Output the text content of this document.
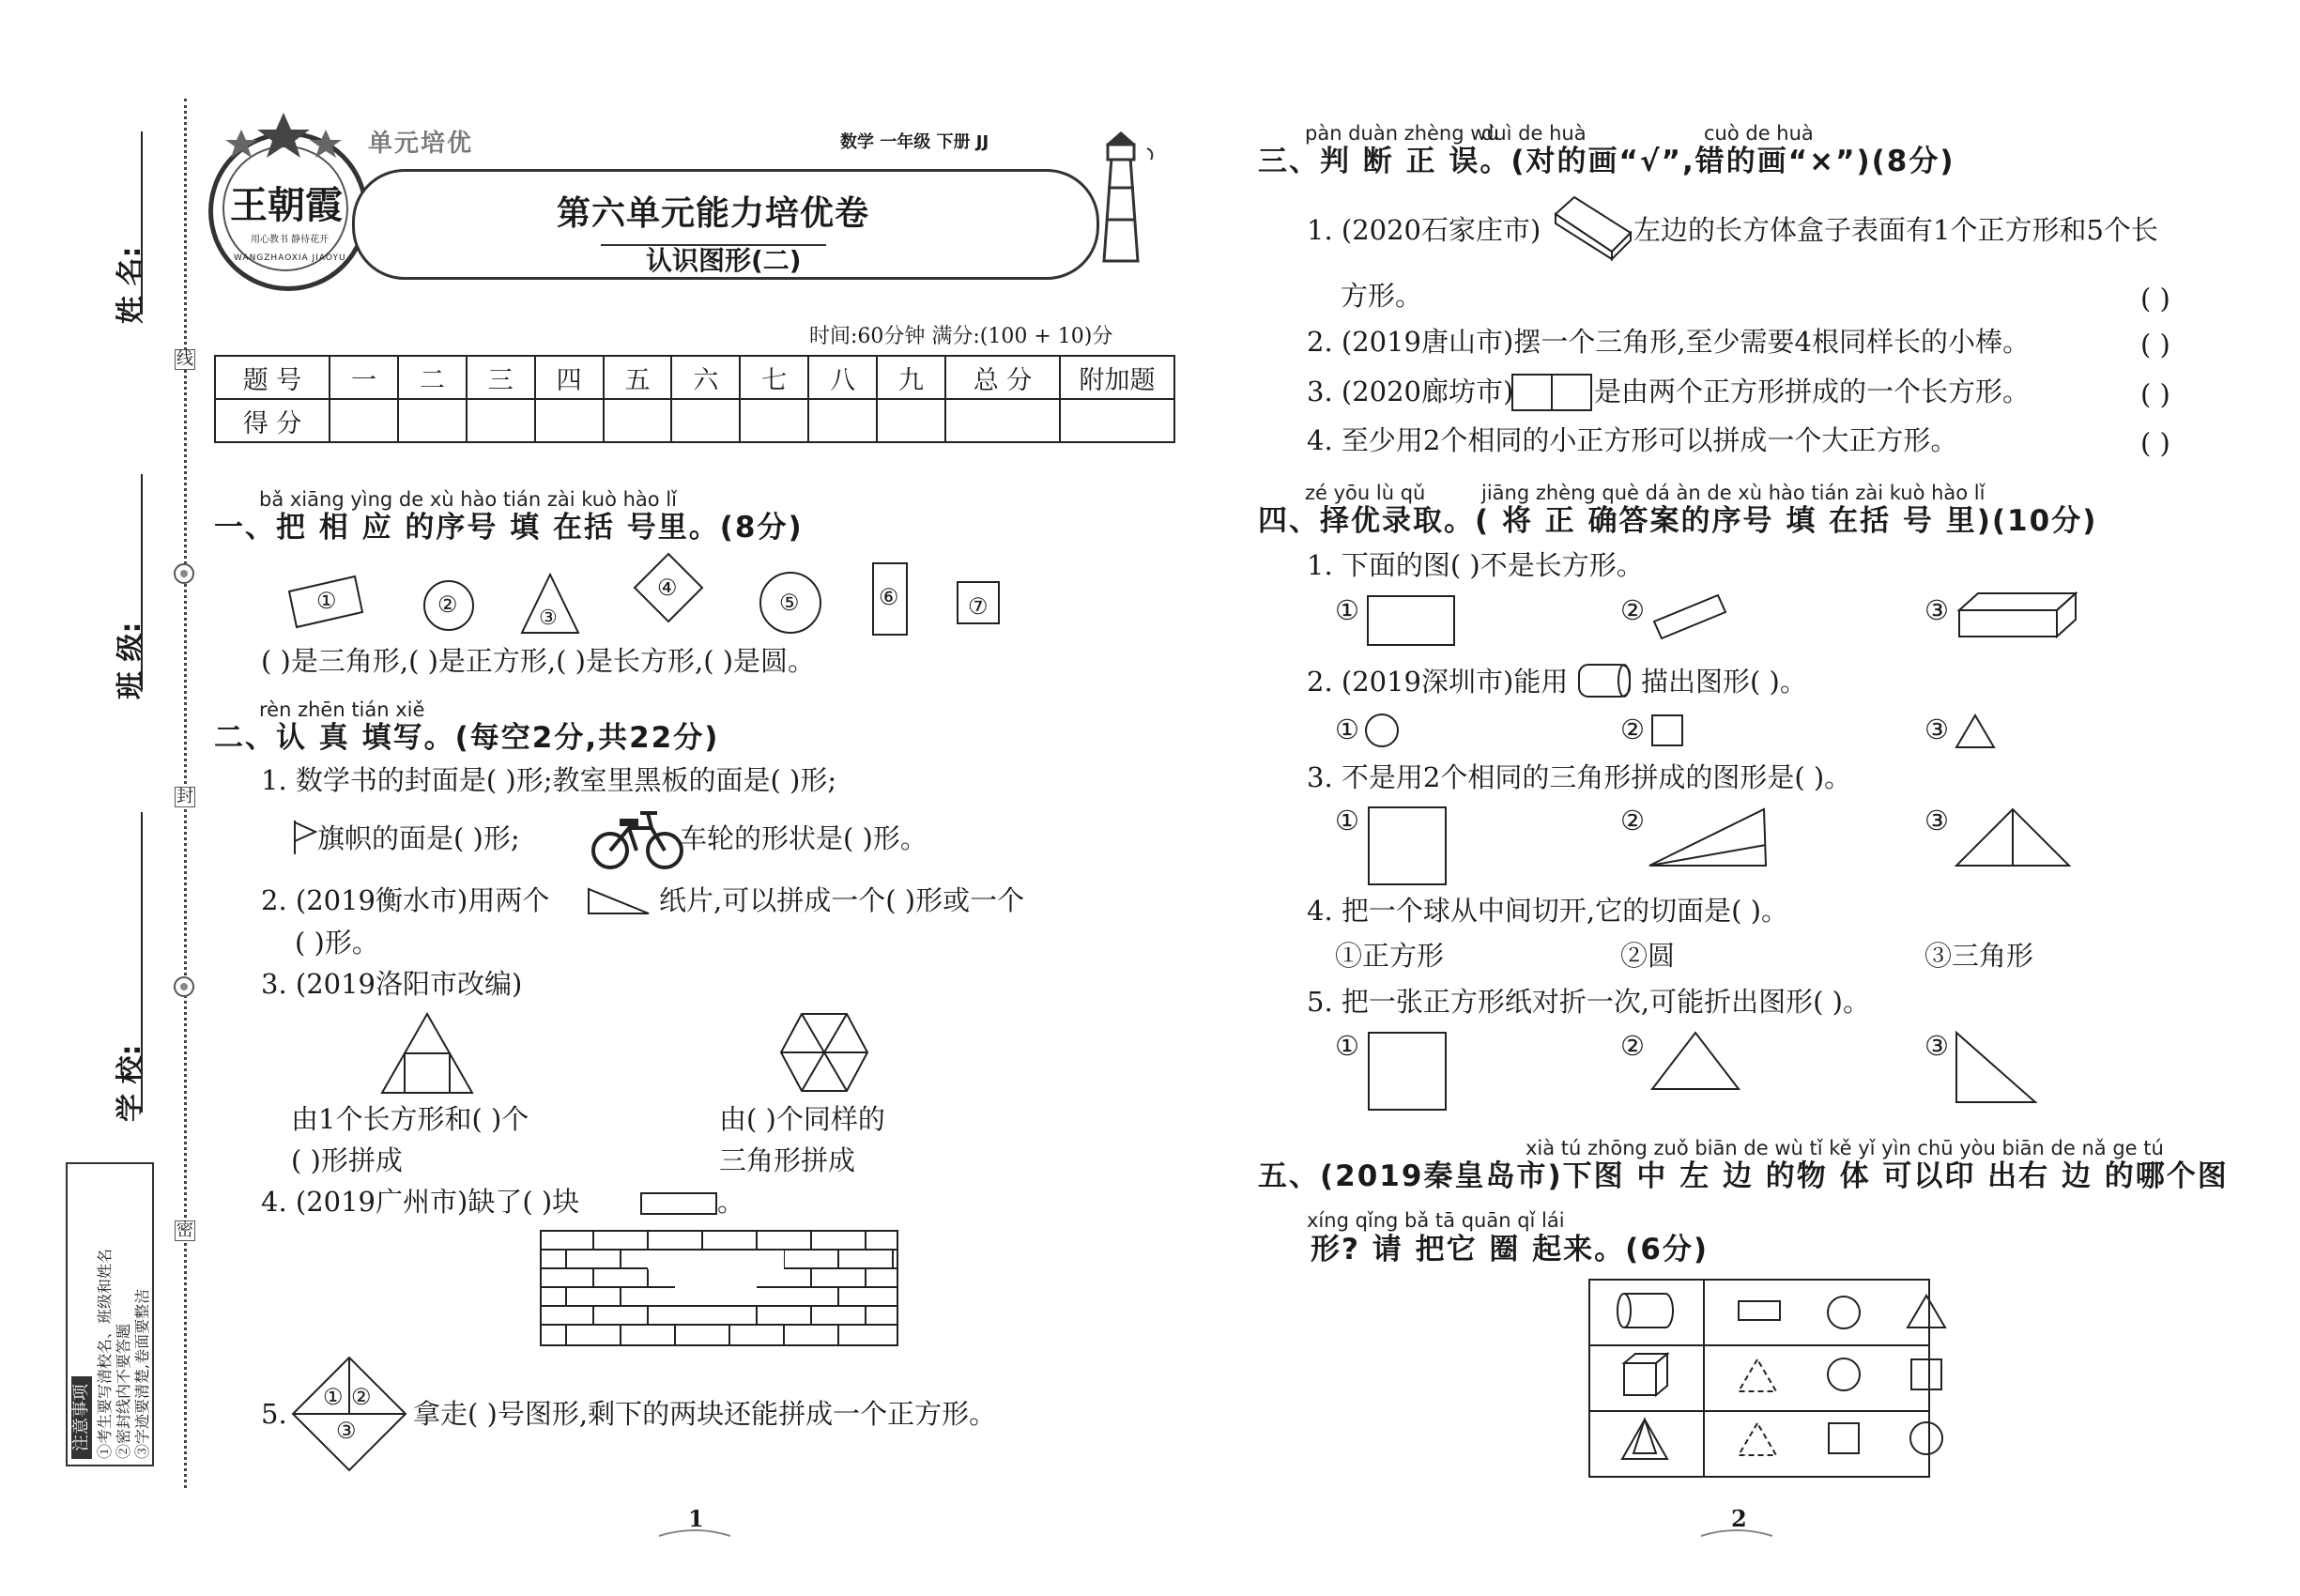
姓 名:
班 级:
学 校:
线
封
密
注意事项 ①考生要写清校名、班级和姓名 ②密封线内不要答题 ③字迹要清楚,卷面要整洁
王朝霞
用心教书 静待花开
WANGZHAOXIA JIAOYU
单元培优	数学 一年级 下册 JJ
第六单元能力培优卷
认识图形(二)
时间:60分钟 满分:(100 + 10)分
题 号	一	二	三	四	五	六	七	八	九	总 分	附加题
得 分											
bǎ xiāng yìng de xù hào tián zài kuò hào lǐ
一、把 相 应 的序号 填 在括 号里。(8分)
①	②
③
④
⑤	⑥	⑦
( )是三角形,( )是正方形,( )是长方形,( )是圆。
rèn zhēn tián xiě
二、认 真 填写。(每空2分,共22分)
1. 数学书的封面是( )形;教室里黑板的面是( )形;
旗帜的面是( )形;	车轮的形状是( )形。
2. (2019衡水市)用两个	纸片,可以拼成一个( )形或一个
( )形。
3. (2019洛阳市改编)
由1个长方形和( )个
( )形拼成
由( )个同样的
三角形拼成
4. (2019广州市)缺了( )块	。
5.
① ②
③
拿走( )号图形,剩下的两块还能拼成一个正方形。
pàn duàn zhèng wù
duì de huà	cuò de huà
三、判 断 正 误。(对的画“√”,错的画“×”)(8分)
1. (2020石家庄市)	左边的长方体盒子表面有1个正方形和5个长
方形。	( )
2. (2019唐山市)摆一个三角形,至少需要4根同样长的小棒。	( )
3. (2020廊坊市)	是由两个正方形拼成的一个长方形。	( )
4. 至少用2个相同的小正方形可以拼成一个大正方形。	( )
zé yōu lù qǔ	jiāng zhèng què dá àn de xù hào tián zài kuò hào lǐ
四、择优录取。( 将 正 确答案的序号 填 在括 号 里)(10分)
1. 下面的图( )不是长方形。
①	②	③
2. (2019深圳市)能用	描出图形( )。
①	②	③
3. 不是用2个相同的三角形拼成的图形是( )。
①	②	③
4. 把一个球从中间切开,它的切面是( )。
①正方形	②圆	③三角形
5. 把一张正方形纸对折一次,可能折出图形( )。
①	②	③
xià tú zhōng zuǒ biān de wù tǐ kě yǐ yìn chū yòu biān de nǎ ge tú
五、(2019秦皇岛市)下图 中 左 边 的物 体 可以印 出右 边 的哪个图
xíng qǐng bǎ tā quān qǐ lái
形? 请 把它 圈 起来。(6分)

1	2
